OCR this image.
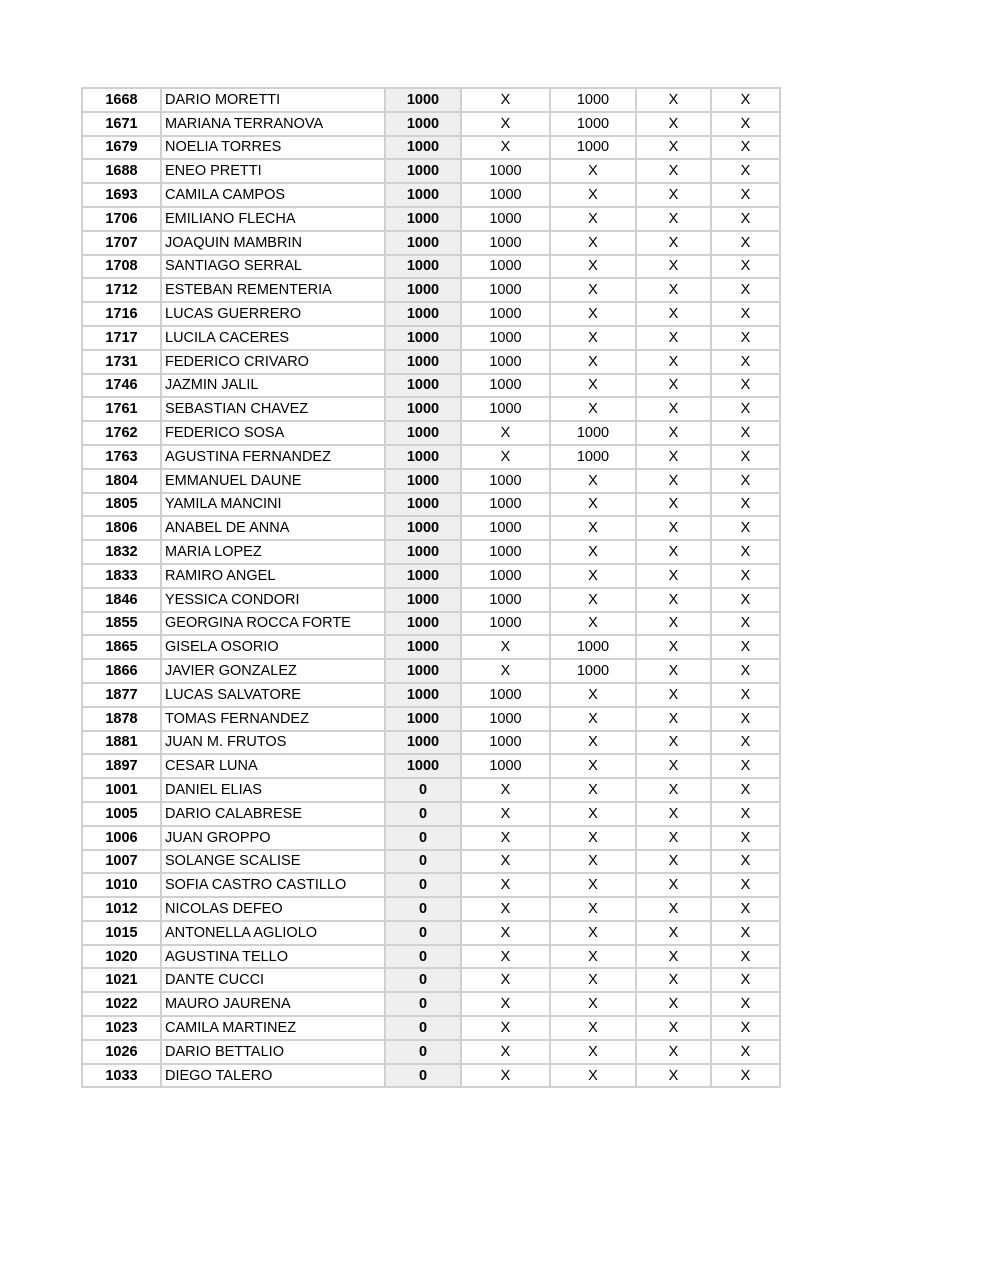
1668	DARIO MORETTI	1000	X	1000	X	X
1671	MARIANA TERRANOVA	1000	X	1000	X	X
1679	NOELIA TORRES	1000	X	1000	X	X
1688	ENEO PRETTI	1000	1000	X	X	X
1693	CAMILA CAMPOS	1000	1000	X	X	X
1706	EMILIANO FLECHA	1000	1000	X	X	X
1707	JOAQUIN MAMBRIN	1000	1000	X	X	X
1708	SANTIAGO SERRAL	1000	1000	X	X	X
1712	ESTEBAN REMENTERIA	1000	1000	X	X	X
1716	LUCAS GUERRERO	1000	1000	X	X	X
1717	LUCILA CACERES	1000	1000	X	X	X
1731	FEDERICO CRIVARO	1000	1000	X	X	X
1746	JAZMIN JALIL	1000	1000	X	X	X
1761	SEBASTIAN CHAVEZ	1000	1000	X	X	X
1762	FEDERICO SOSA	1000	X	1000	X	X
1763	AGUSTINA FERNANDEZ	1000	X	1000	X	X
1804	EMMANUEL DAUNE	1000	1000	X	X	X
1805	YAMILA MANCINI	1000	1000	X	X	X
1806	ANABEL DE ANNA	1000	1000	X	X	X
1832	MARIA LOPEZ	1000	1000	X	X	X
1833	RAMIRO ANGEL	1000	1000	X	X	X
1846	YESSICA CONDORI	1000	1000	X	X	X
1855	GEORGINA ROCCA FORTE	1000	1000	X	X	X
1865	GISELA OSORIO	1000	X	1000	X	X
1866	JAVIER GONZALEZ	1000	X	1000	X	X
1877	LUCAS SALVATORE	1000	1000	X	X	X
1878	TOMAS FERNANDEZ	1000	1000	X	X	X
1881	JUAN M. FRUTOS	1000	1000	X	X	X
1897	CESAR LUNA	1000	1000	X	X	X
1001	DANIEL ELIAS	0	X	X	X	X
1005	DARIO CALABRESE	0	X	X	X	X
1006	JUAN GROPPO	0	X	X	X	X
1007	SOLANGE SCALISE	0	X	X	X	X
1010	SOFIA CASTRO CASTILLO	0	X	X	X	X
1012	NICOLAS DEFEO	0	X	X	X	X
1015	ANTONELLA AGLIOLO	0	X	X	X	X
1020	AGUSTINA TELLO	0	X	X	X	X
1021	DANTE CUCCI	0	X	X	X	X
1022	MAURO JAURENA	0	X	X	X	X
1023	CAMILA MARTINEZ	0	X	X	X	X
1026	DARIO BETTALIO	0	X	X	X	X
1033	DIEGO TALERO	0	X	X	X	X
